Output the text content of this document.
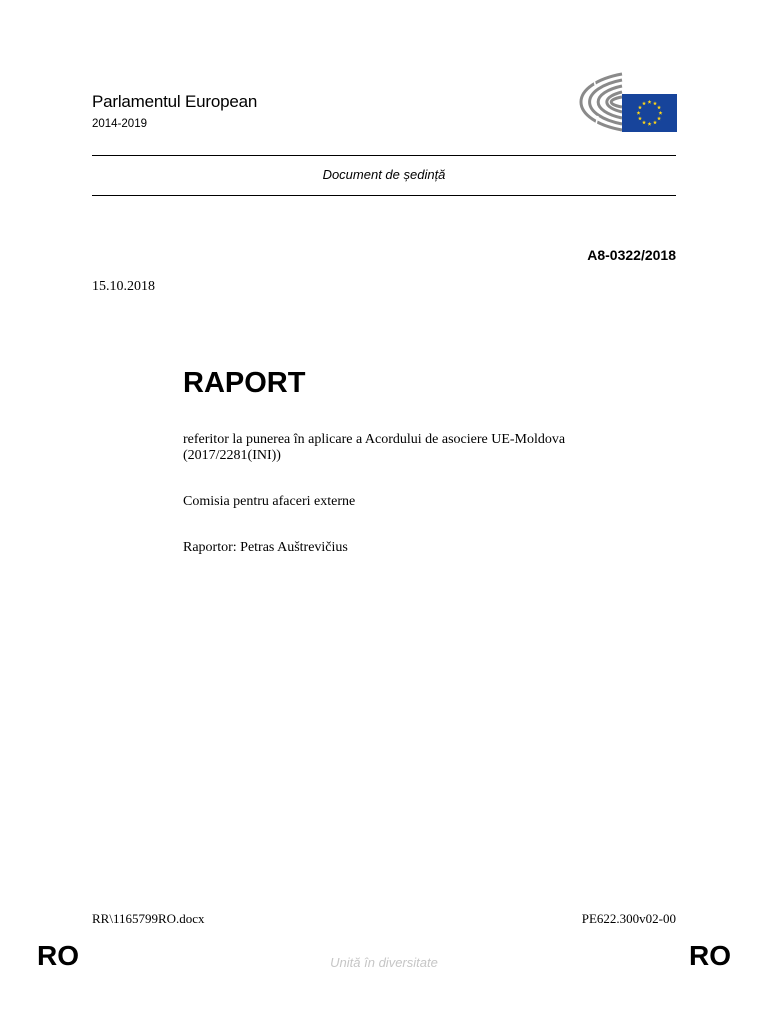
Parlamentul European
2014-2019
Document de ședință
A8-0322/2018
15.10.2018
RAPORT
referitor la punerea în aplicare a Acordului de asociere UE-Moldova
(2017/2281(INI))
Comisia pentru afaceri externe
Raportor: Petras Auštrevičius
RR\1165799RO.docx	PE622.300v02-00
RO	Unită în diversitate	RO
